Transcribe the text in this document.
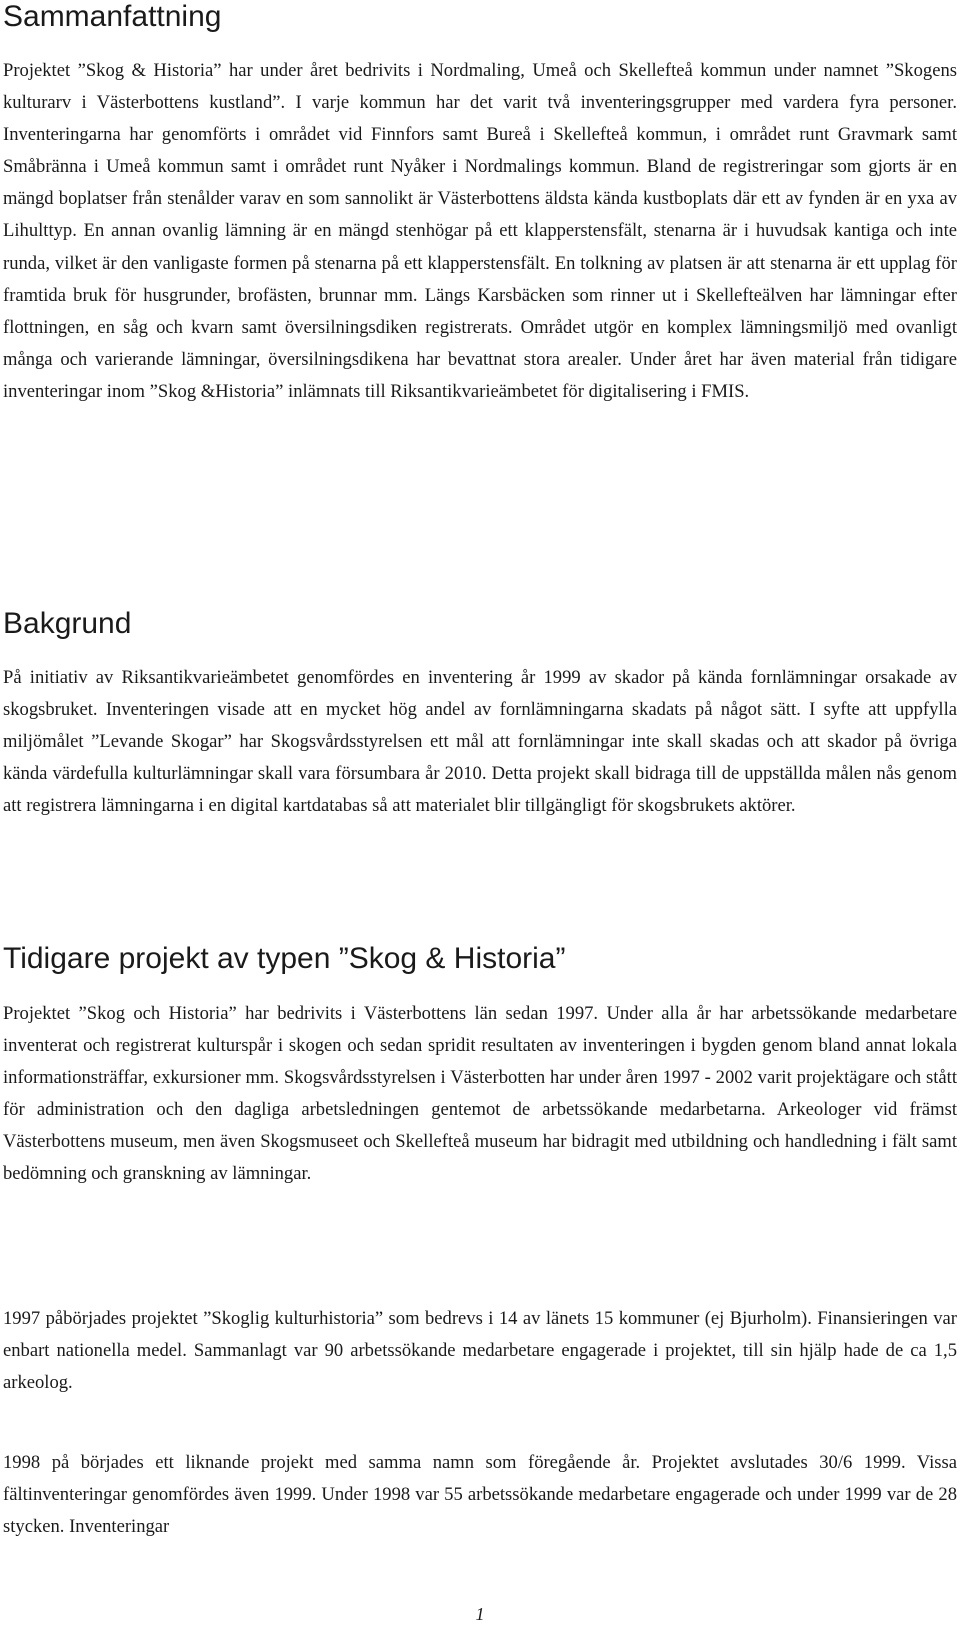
Sammanfattning

Projektet ”Skog & Historia” har under året bedrivits i Nordmaling, Umeå och Skellefteå kommun under namnet ”Skogens kulturarv i Västerbottens kustland”. I varje kommun har det varit två inventeringsgrupper med vardera fyra personer. Inventeringarna har genomförts i området vid Finnfors samt Bureå i Skellefteå kommun, i området runt Gravmark samt Småbränna i Umeå kommun samt i området runt Nyåker i Nordmalings kommun. Bland de registreringar som gjorts är en mängd boplatser från stenålder varav en som sannolikt är Västerbottens äldsta kända kustboplats där ett av fynden är en yxa av Lihulttyp. En annan ovanlig lämning är en mängd stenhögar på ett klapperstensfält, stenarna är i huvudsak kantiga och inte runda, vilket är den vanligaste formen på stenarna på ett klapperstensfält. En tolkning av platsen är att stenarna är ett upplag för framtida bruk för husgrunder, brofästen, brunnar mm. Längs Karsbäcken som rinner ut i Skellefteälven har lämningar efter flottningen, en såg och kvarn samt översilningsdiken registrerats. Området utgör en komplex lämningsmiljö med ovanligt många och varierande lämningar, översilningsdikena har bevattnat stora arealer. Under året har även material från tidigare inventeringar inom ”Skog &Historia” inlämnats till Riksantikvarieämbetet för digitalisering i FMIS.

Bakgrund

På initiativ av Riksantikvarieämbetet genomfördes en inventering år 1999 av skador på kända fornlämningar orsakade av skogsbruket. Inventeringen visade att en mycket hög andel av fornlämningarna skadats på något sätt. I syfte att uppfylla miljömålet ”Levande Skogar” har Skogsvårdsstyrelsen ett mål att fornlämningar inte skall skadas och att skador på övriga kända värdefulla kulturlämningar skall vara försumbara år 2010. Detta projekt skall bidraga till de uppställda målen nås genom att registrera lämningarna i en digital kartdatabas så att materialet blir tillgängligt för skogsbrukets aktörer.

Tidigare projekt av typen ”Skog & Historia”

Projektet ”Skog och Historia” har bedrivits i Västerbottens län sedan 1997. Under alla år har arbetssökande medarbetare inventerat och registrerat kulturspår i skogen och sedan spridit resultaten av inventeringen i bygden genom bland annat lokala informationsträffar, exkursioner mm. Skogsvårdsstyrelsen i Västerbotten har under åren 1997 - 2002 varit projektägare och stått för administration och den dagliga arbetsledningen gentemot de arbetssökande medarbetarna. Arkeologer vid främst Västerbottens museum, men även Skogsmuseet och Skellefteå museum har bidragit med utbildning och handledning i fält samt bedömning och granskning av lämningar.

1997 påbörjades projektet ”Skoglig kulturhistoria” som bedrevs i 14 av länets 15 kommuner (ej Bjurholm). Finansieringen var enbart nationella medel. Sammanlagt var 90 arbetssökande medarbetare engagerade i projektet, till sin hjälp hade de ca 1,5 arkeolog.

1998 på börjades ett liknande projekt med samma namn som föregående år. Projektet avslutades 30/6 1999. Vissa fältinventeringar genomfördes även 1999. Under 1998 var 55 arbetssökande medarbetare engagerade och under 1999 var de 28 stycken. Inventeringar

1
